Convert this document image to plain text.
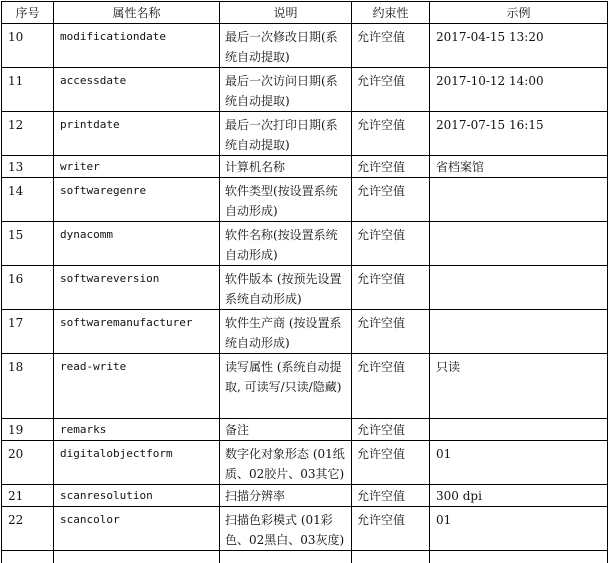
序号	属性名称	说明	约束性	示例
10	modificationdate	最后一次修改日期(系统自动提取)	允许空值	2017-04-15 13:20
11	accessdate	最后一次访问日期(系统自动提取)	允许空值	2017-10-12 14:00
12	printdate	最后一次打印日期(系统自动提取)	允许空值	2017-07-15 16:15
13	writer	计算机名称	允许空值	省档案馆
14	softwaregenre	软件类型(按设置系统自动形成)	允许空值	
15	dynacomm	软件名称(按设置系统自动形成)	允许空值	
16	softwareversion	软件版本 (按预先设置系统自动形成)	允许空值	
17	softwaremanufacturer	软件生产商 (按设置系统自动形成)	允许空值	
18	read-write	读写属性 (系统自动提取, 可读写/只读/隐藏)	允许空值	只读
19	remarks	备注	允许空值	
20	digitalobjectform	数字化对象形态 (01纸质、02胶片、03其它)	允许空值	01
21	scanresolution	扫描分辨率	允许空值	300 dpi
22	scancolor	扫描色彩模式 (01彩色、02黑白、03灰度)	允许空值	01
